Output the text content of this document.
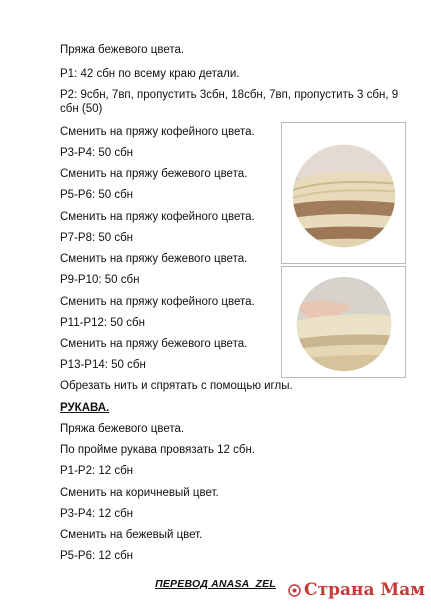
Пряжа бежевого цвета.
Р1: 42 сбн по всему краю детали.
Р2: 9сбн, 7вп, пропустить 3сбн, 18сбн, 7вп, пропустить 3 сбн, 9 сбн (50)
Сменить на пряжу кофейного цвета.
Р3-Р4: 50 сбн
Сменить на пряжу бежевого цвета.
Р5-Р6: 50 сбн
Сменить на пряжу кофейного цвета.
Р7-Р8: 50 сбн
Сменить на пряжу бежевого цвета.
Р9-Р10: 50 сбн
Сменить на пряжу кофейного цвета.
Р11-Р12: 50 сбн
Сменить на пряжу бежевого цвета.
Р13-Р14: 50 сбн
Обрезать нить и спрятать с помощью иглы.
РУКАВА.
Пряжа бежевого цвета.
По пройме рукава провязать 12 сбн.
Р1-Р2: 12 сбн
Сменить на коричневый цвет.
Р3-Р4: 12 сбн
Сменить на бежевый цвет.
Р5-Р6: 12 сбн
ПЕРЕВОД ANASA_ZEL	Страна Мам
